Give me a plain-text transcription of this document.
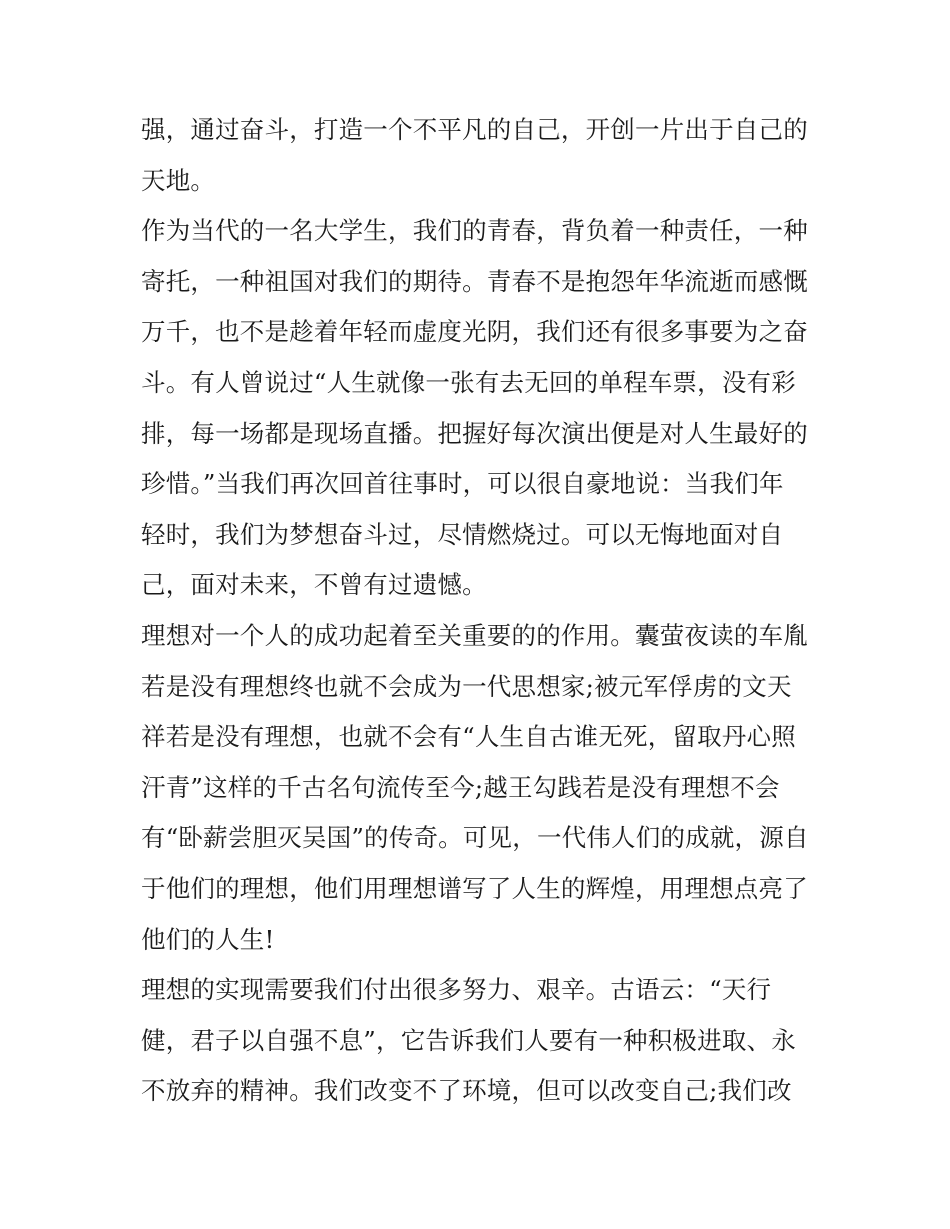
强，通过奋斗，打造一个不平凡的自己，开创一片出于自己的
天地。
作为当代的一名大学生，我们的青春，背负着一种责任，一种
寄托，一种祖国对我们的期待。青春不是抱怨年华流逝而感慨
万千，也不是趁着年轻而虚度光阴，我们还有很多事要为之奋
斗。有人曾说过“人生就像一张有去无回的单程车票，没有彩
排，每一场都是现场直播。把握好每次演出便是对人生最好的
珍惜。”当我们再次回首往事时，可以很自豪地说：当我们年
轻时，我们为梦想奋斗过，尽情燃烧过。可以无悔地面对自
己，面对未来，不曾有过遗憾。
理想对一个人的成功起着至关重要的的作用。囊萤夜读的车胤
若是没有理想终也就不会成为一代思想家;被元军俘虏的文天
祥若是没有理想，也就不会有“人生自古谁无死，留取丹心照
汗青”这样的千古名句流传至今;越王勾践若是没有理想不会
有“卧薪尝胆灭吴国”的传奇。可见，一代伟人们的成就，源自
于他们的理想，他们用理想谱写了人生的辉煌，用理想点亮了
他们的人生!
理想的实现需要我们付出很多努力、艰辛。古语云：“天行
健，君子以自强不息”，它告诉我们人要有一种积极进取、永
不放弃的精神。我们改变不了环境，但可以改变自己;我们改
